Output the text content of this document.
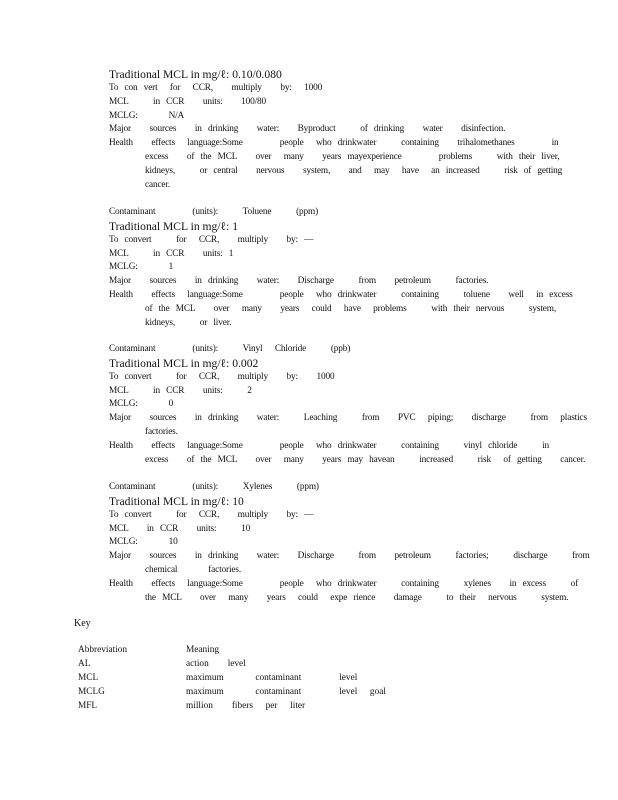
Traditional MCL in mg/ℓ: 0.10/0.080
To con vert  for  CCR,   multiply   by:  1000
MCL    in CCR   units:   100/80
MCLG:     N/A
Major   sources   in drinking   water:   Byproduct    of drinking   water   disinfection.
Health   effects  language:Some      people  who drinkwater    containing   trihalomethanes      in
excess   of the MCL   over  many   years mayexperience      problems    with their liver,
kidneys,    or central   nervous   system,   and  may  have  an increased    risk of getting
cancer.
Contaminant      (units):    Toluene    (ppm)
Traditional MCL in mg/ℓ: 1
To convert    for  CCR,   multiply   by: —
MCL    in CCR   units: 1
MCLG:     1
Major   sources   in drinking   water:   Discharge    from   petroleum    factories.
Health   effects  language:Some      people  who drinkwater    containing    toluene   well  in excess
of the MCL   over  many   years  could  have  problems    with their nervous    system,
kidneys,    or liver.
Contaminant      (units):    Vinyl  Chloride    (ppb)
Traditional MCL in mg/ℓ: 0.002
To convert    for  CCR,   multiply   by:   1000
MCL    in CCR   units:    2
MCLG:     0
Major   sources   in drinking   water:    Leaching    from   PVC  piping;   discharge    from  plastics
factories.
Health   effects  language:Some      people  who drinkwater    containing    vinyl chloride    in
excess   of the MCL   over  many   years may havean    increased    risk  of getting   cancer.
Contaminant      (units):    Xylenes    (ppm)
Traditional MCL in mg/ℓ: 10
To convert    for  CCR,   multiply   by: —
MCL   in CCR   units:    10
MCLG:     10
Major   sources   in drinking   water:   Discharge    from   petroleum    factories;    discharge    from
chemical     factories.
Health   effects  language:Some      people  who drinkwater    containing    xylenes   in excess    of
the MCL   over  many   years  could  expe rience   damage    to their  nervous    system.
Key
Abbreviation	Meaning
AL	action   level
MCL	maximum     contaminant      level
MCLG	maximum     contaminant      level  goal
MFL	million   fibers  per  liter
